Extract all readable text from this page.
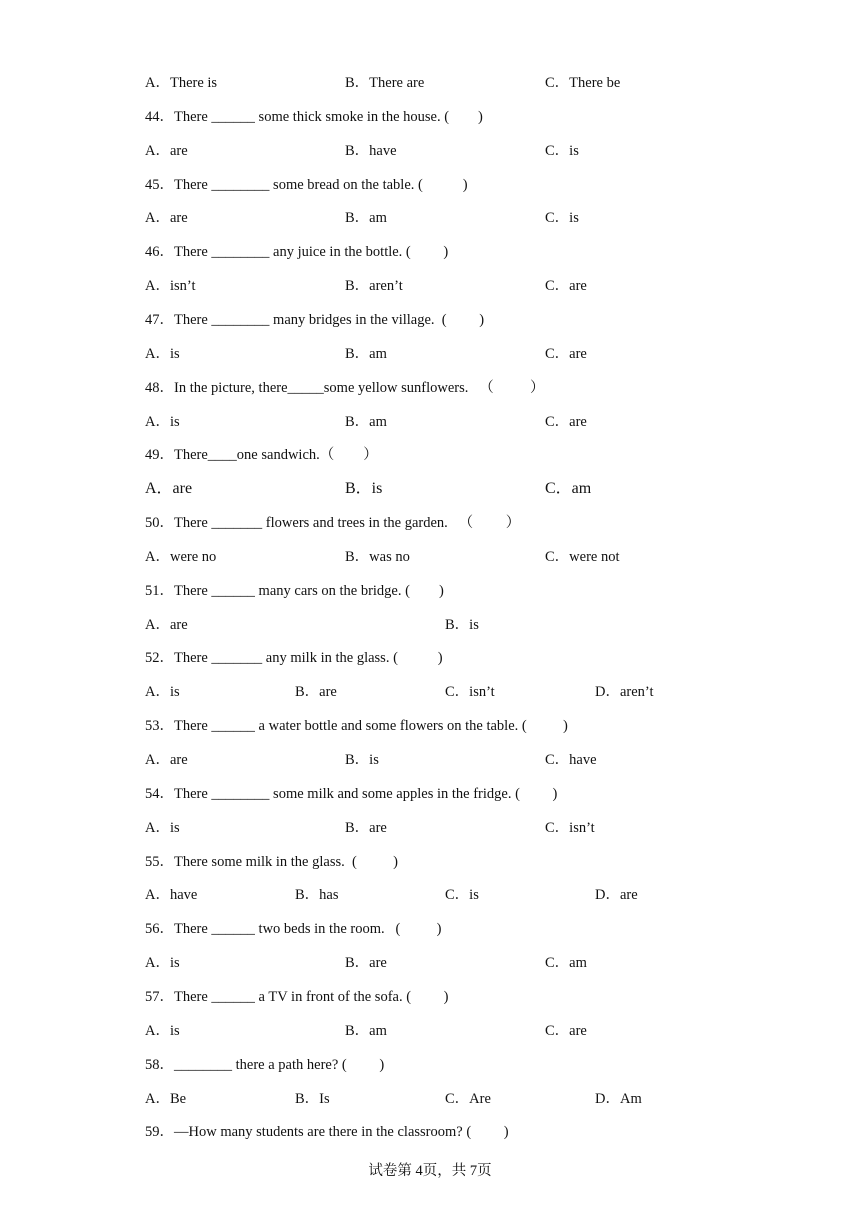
A．There is	B．There are	C．There be
44．There ______ some thick smoke in the house. (        )
A．are	B．have	C．is
45．There ________ some bread on the table. (           )
A．are	B．am	C．is
46．There ________ any juice in the bottle. (         )
A．isn’t	B．aren’t	C．are
47．There ________ many bridges in the village.  (         )
A．is	B．am	C．are
48．In the picture, there_____some yellow sunflowers.   （          ）
A．is	B．am	C．are
49．There____one sandwich.（        ）
A．are	B．is	C．am
50．There _______ flowers and trees in the garden.   （         ）
A．were no	B．was no	C．were not
51．There ______ many cars on the bridge. (        )
A．are	B．is
52．There _______ any milk in the glass. (           )
A．is	B．are	C．isn’t	D．aren’t
53．There ______ a water bottle and some flowers on the table. (          )
A．are	B．is	C．have
54．There ________ some milk and some apples in the fridge. (         )
A．is	B．are	C．isn’t
55．There some milk in the glass.  (          )
A．have	B．has	C．is	D．are
56．There ______ two beds in the room.   (          )
A．is	B．are	C．am
57．There ______ a TV in front of the sofa. (         )
A．is	B．am	C．are
58．________ there a path here? (         )
A．Be	B．Is	C．Are	D．Am
59．—How many students are there in the classroom? (         )
试卷第 4页，共 7页
